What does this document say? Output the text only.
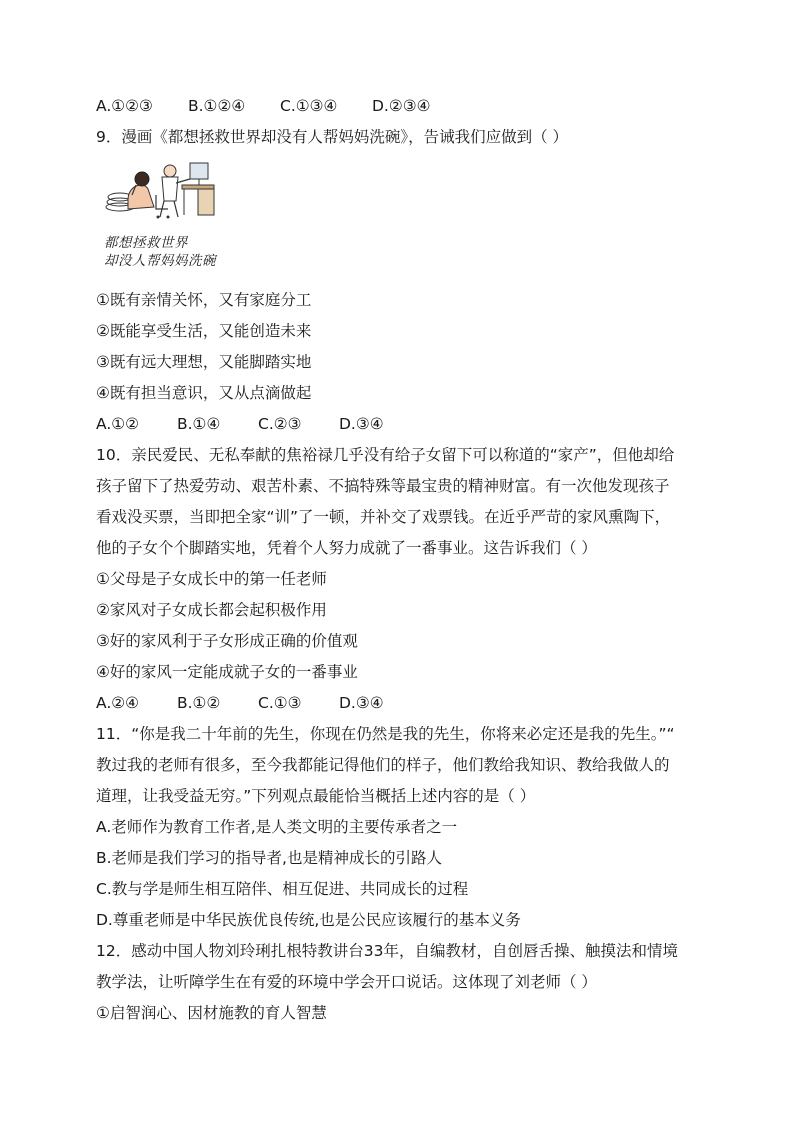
A.①②③ B.①②④ C.①③④ D.②③④
9．漫画《都想拯救世界却没有人帮妈妈洗碗》，告诫我们应做到（ ）
都想拯救世界
却没人帮妈妈洗碗
①既有亲情关怀，又有家庭分工
②既能享受生活，又能创造未来
③既有远大理想，又能脚踏实地
④既有担当意识，又从点滴做起
A.①② B.①④ C.②③ D.③④
10．亲民爱民、无私奉献的焦裕禄几乎没有给子女留下可以称道的“家产”，但他却给
孩子留下了热爱劳动、艰苦朴素、不搞特殊等最宝贵的精神财富。有一次他发现孩子
看戏没买票，当即把全家“训”了一顿，并补交了戏票钱。在近乎严苛的家风熏陶下，
他的子女个个脚踏实地，凭着个人努力成就了一番事业。这告诉我们（ ）
①父母是子女成长中的第一任老师
②家风对子女成长都会起积极作用
③好的家风利于子女形成正确的价值观
④好的家风一定能成就子女的一番事业
A.②④ B.①② C.①③ D.③④
11．“你是我二十年前的先生，你现在仍然是我的先生，你将来必定还是我的先生。”“
教过我的老师有很多，至今我都能记得他们的样子，他们教给我知识、教给我做人的
道理，让我受益无穷。”下列观点最能恰当概括上述内容的是（ ）
A.老师作为教育工作者,是人类文明的主要传承者之一
B.老师是我们学习的指导者,也是精神成长的引路人
C.教与学是师生相互陪伴、相互促进、共同成长的过程
D.尊重老师是中华民族优良传统,也是公民应该履行的基本义务
12．感动中国人物刘玲琍扎根特教讲台33年，自编教材，自创唇舌操、触摸法和情境
教学法，让听障学生在有爱的环境中学会开口说话。这体现了刘老师（ ）
①启智润心、因材施教的育人智慧
